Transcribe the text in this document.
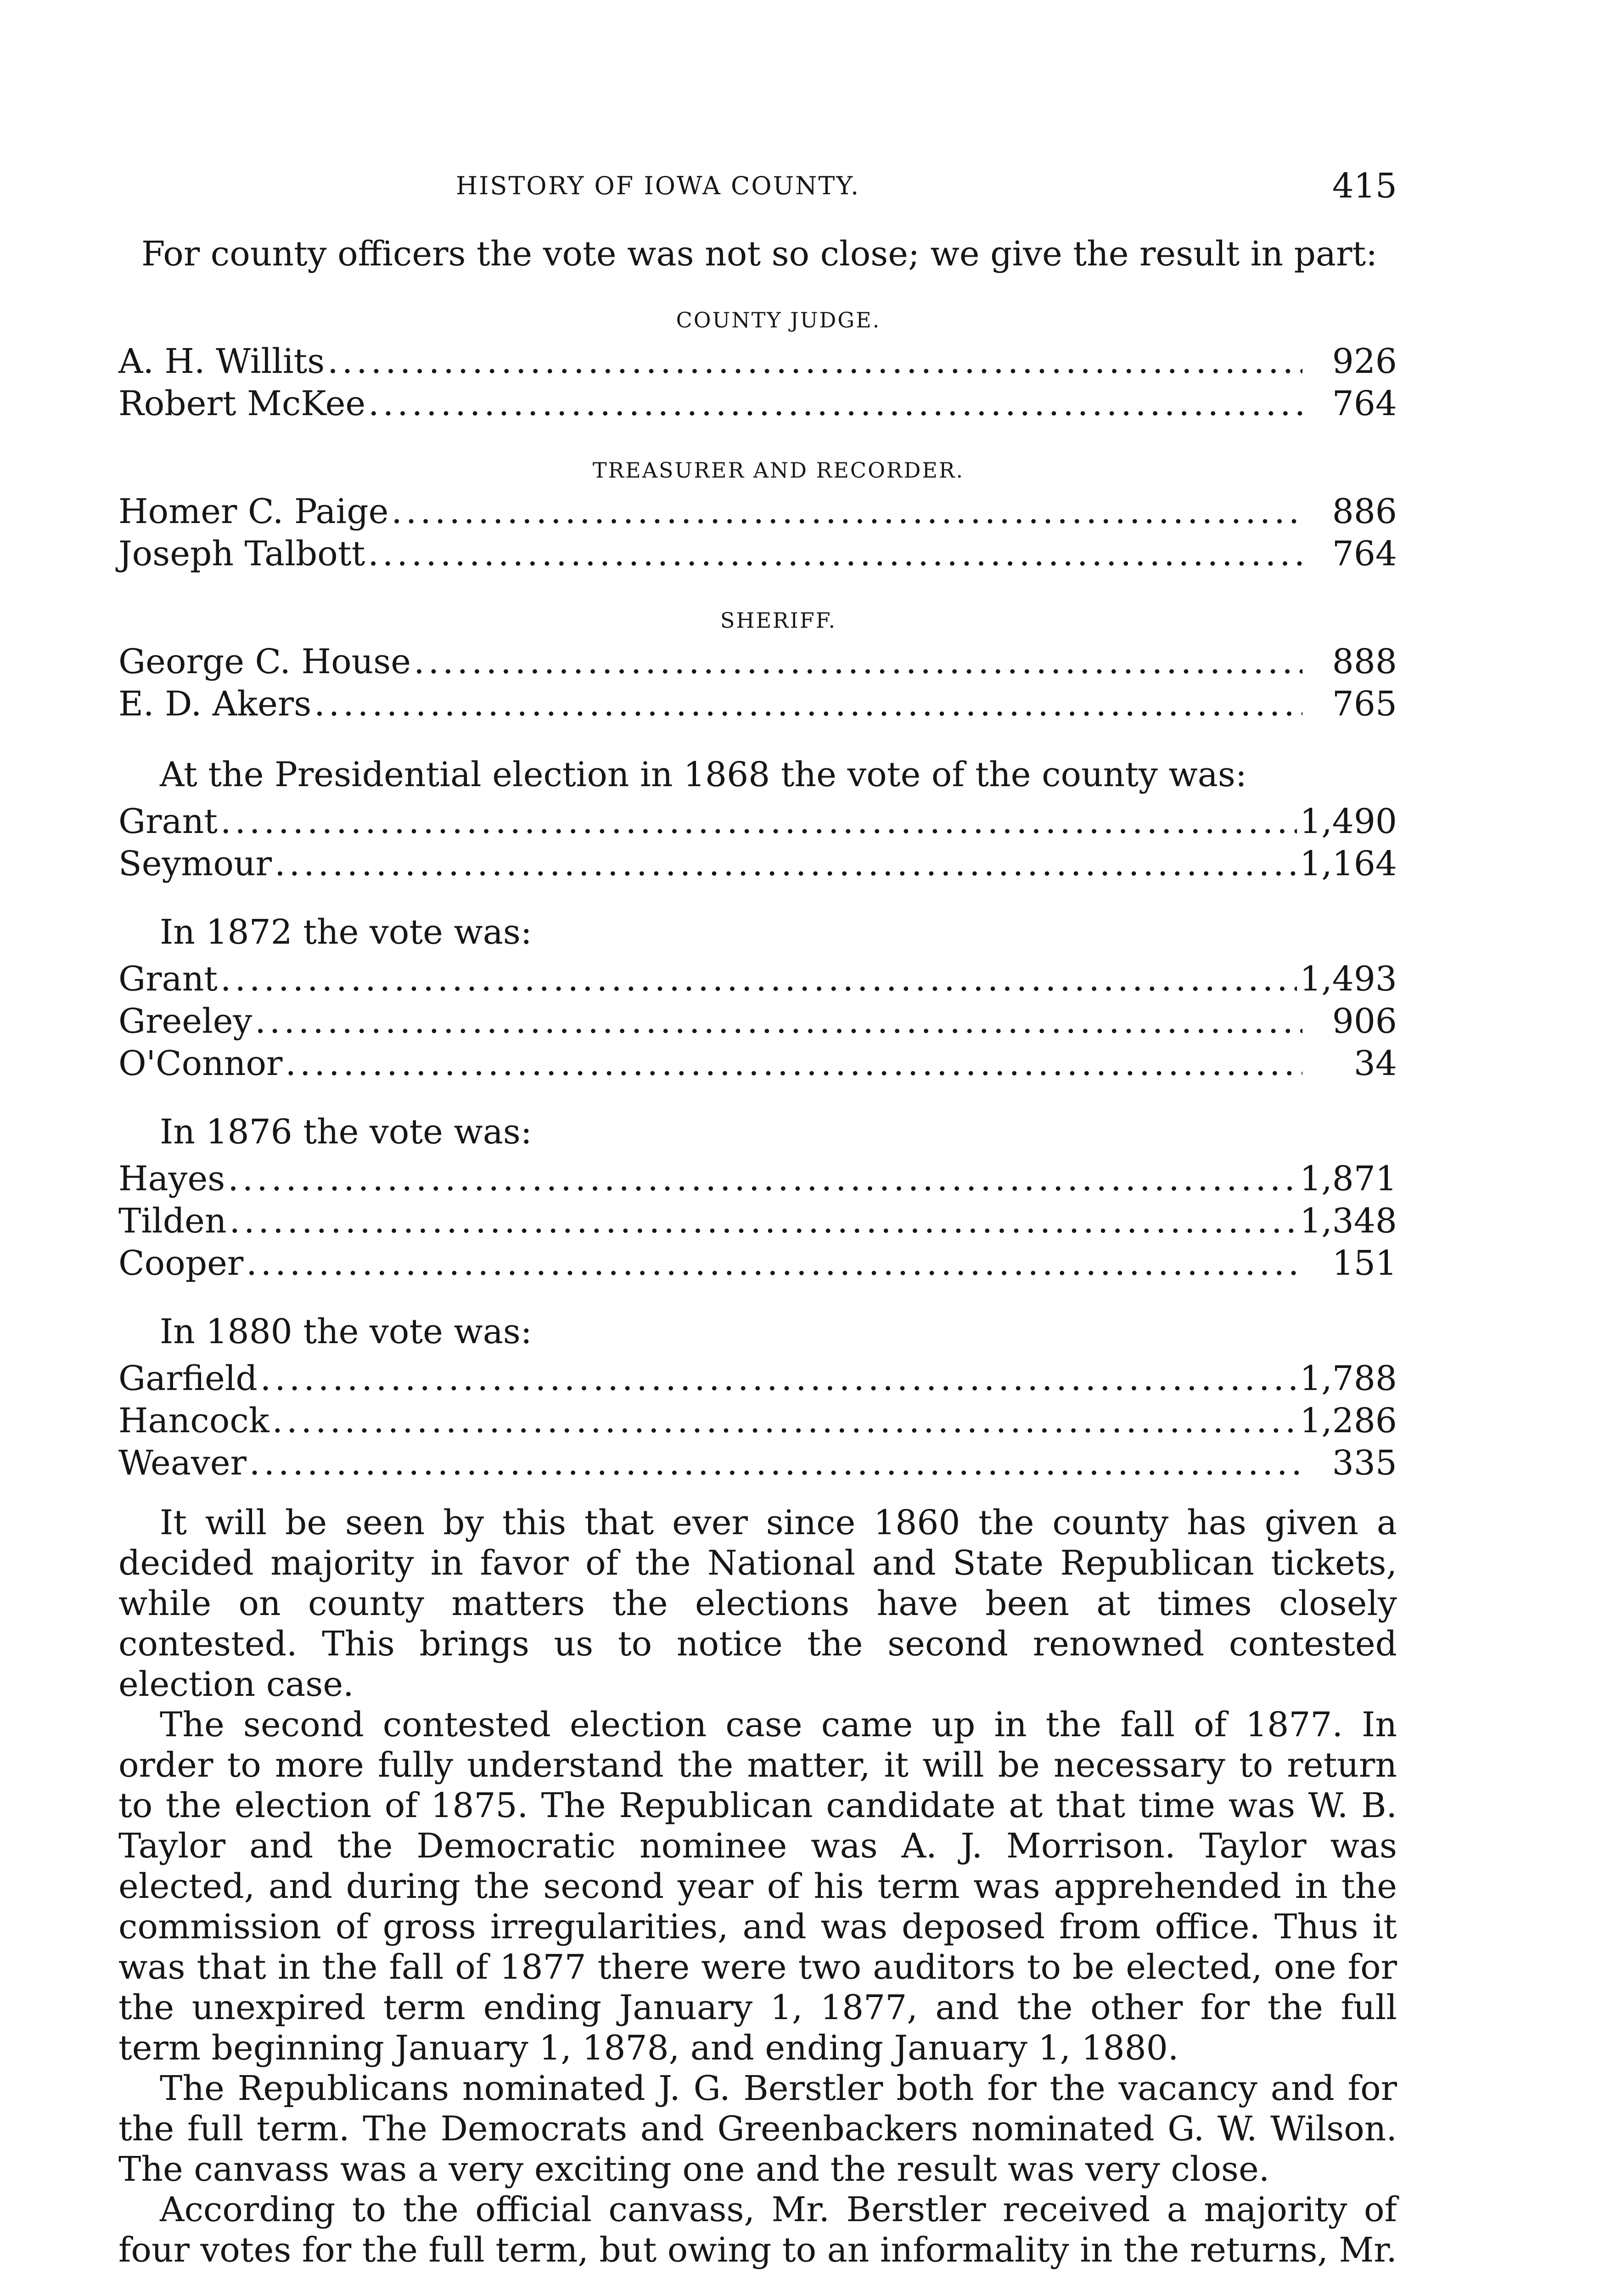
HISTORY OF IOWA COUNTY.	415

For county officers the vote was not so close; we give the result in part:

COUNTY JUDGE.
A. H. Willits .....	926
Robert McKee .....	764
TREASURER AND RECORDER.
Homer C. Paige .....	886
Joseph Talbott .....	764
SHERIFF.
George C. House .....	888
E. D. Akers .....	765
At the Presidential election in 1868 the vote of the county was:
Grant .....	1,490
Seymour .....	1,164
In 1872 the vote was:
Grant .....	1,493
Greeley .....	906
O'Connor .....	34
In 1876 the vote was:
Hayes .....	1,871
Tilden .....	1,348
Cooper .....	151
In 1880 the vote was:
Garfield .....	1,788
Hancock .....	1,286
Weaver .....	335

It will be seen by this that ever since 1860 the county has given a decided majority in favor of the National and State Republican tickets, while on county matters the elections have been at times closely contested. This brings us to notice the second renowned contested election case.

The second contested election case came up in the fall of 1877. In order to more fully understand the matter, it will be necessary to return to the election of 1875. The Republican candidate at that time was W. B. Taylor and the Democratic nominee was A. J. Morrison. Taylor was elected, and during the second year of his term was apprehended in the commission of gross irregularities, and was deposed from office. Thus it was that in the fall of 1877 there were two auditors to be elected, one for the unexpired term ending January 1, 1877, and the other for the full term beginning January 1, 1878, and ending January 1, 1880.

The Republicans nominated J. G. Berstler both for the vacancy and for the full term. The Democrats and Greenbackers nominated G. W. Wilson. The canvass was a very exciting one and the result was very close.

According to the official canvass, Mr. Berstler received a majority of four votes for the full term, but owing to an informality in the returns, Mr.
